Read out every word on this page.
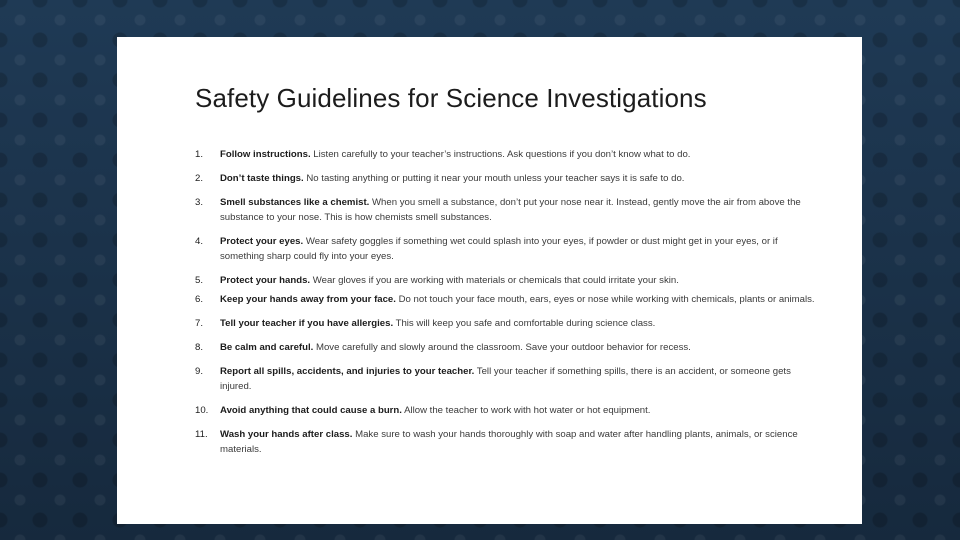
Safety Guidelines for Science Investigations
1. Follow instructions. Listen carefully to your teacher’s instructions. Ask questions if you don’t know what to do.
2. Don’t taste things. No tasting anything or putting it near your mouth unless your teacher says it is safe to do.
3. Smell substances like a chemist. When you smell a substance, don’t put your nose near it. Instead, gently move the air from above the substance to your nose. This is how chemists smell substances.
4. Protect your eyes. Wear safety goggles if something wet could splash into your eyes, if powder or dust might get in your eyes, or if something sharp could fly into your eyes.
5. Protect your hands. Wear gloves if you are working with materials or chemicals that could irritate your skin.
6. Keep your hands away from your face. Do not touch your face mouth, ears, eyes or nose while working with chemicals, plants or animals.
7. Tell your teacher if you have allergies. This will keep you safe and comfortable during science class.
8. Be calm and careful. Move carefully and slowly around the classroom. Save your outdoor behavior for recess.
9. Report all spills, accidents, and injuries to your teacher. Tell your teacher if something spills, there is an accident, or someone gets injured.
10. Avoid anything that could cause a burn. Allow the teacher to work with hot water or hot equipment.
11. Wash your hands after class. Make sure to wash your hands thoroughly with soap and water after handling plants, animals, or science materials.
